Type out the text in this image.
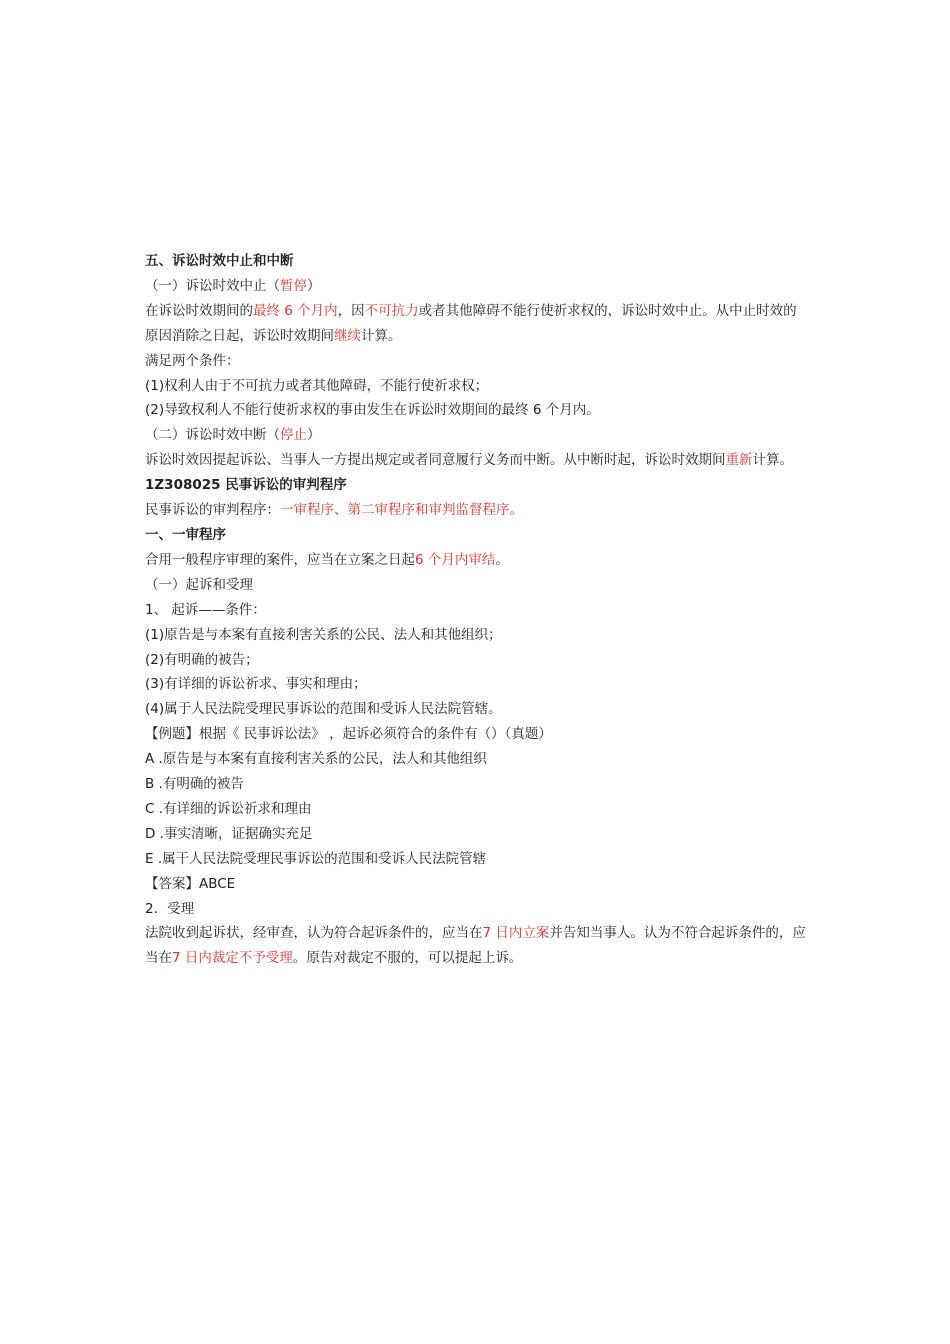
五、诉讼时效中止和中断
（一）诉讼时效中止（暂停）
在诉讼时效期间的最终 6 个月内，因不可抗力或者其他障碍不能行使祈求权的，诉讼时效中止。从中止时效的原因消除之日起，诉讼时效期间继续计算。
满足两个条件：
(1)权利人由于不可抗力或者其他障碍，不能行使祈求权；
(2)导致权利人不能行使祈求权的事由发生在诉讼时效期间的最终 6 个月内。
（二）诉讼时效中断（停止）
诉讼时效因提起诉讼、当事人一方提出规定或者同意履行义务而中断。从中断时起，诉讼时效期间重新计算。
1Z308025 民事诉讼的审判程序
民事诉讼的审判程序：一审程序、第二审程序和审判监督程序。
一、一审程序
合用一般程序审理的案件，应当在立案之日起6 个月内审结。
（一）起诉和受理
1、 起诉——条件：
(1)原告是与本案有直接利害关系的公民、法人和其他组织；
(2)有明确的被告；
(3)有详细的诉讼祈求、事实和理由；
(4)属于人民法院受理民事诉讼的范围和受诉人民法院管辖。
【例题】根据《 民事诉讼法》 ，起诉必须符合的条件有（）（真题）
A .原告是与本案有直接利害关系的公民，法人和其他组织
B .有明确的被告
C .有详细的诉讼祈求和理由
D .事实清晰，证据确实充足
E .属干人民法院受理民事诉讼的范围和受诉人民法院管辖
【答案】ABCE
2．受理
法院收到起诉状，经审查，认为符合起诉条件的，应当在7 日内立案并告知当事人。认为不符合起诉条件的，应当在7 日内裁定不予受理。原告对裁定不服的，可以提起上诉。
